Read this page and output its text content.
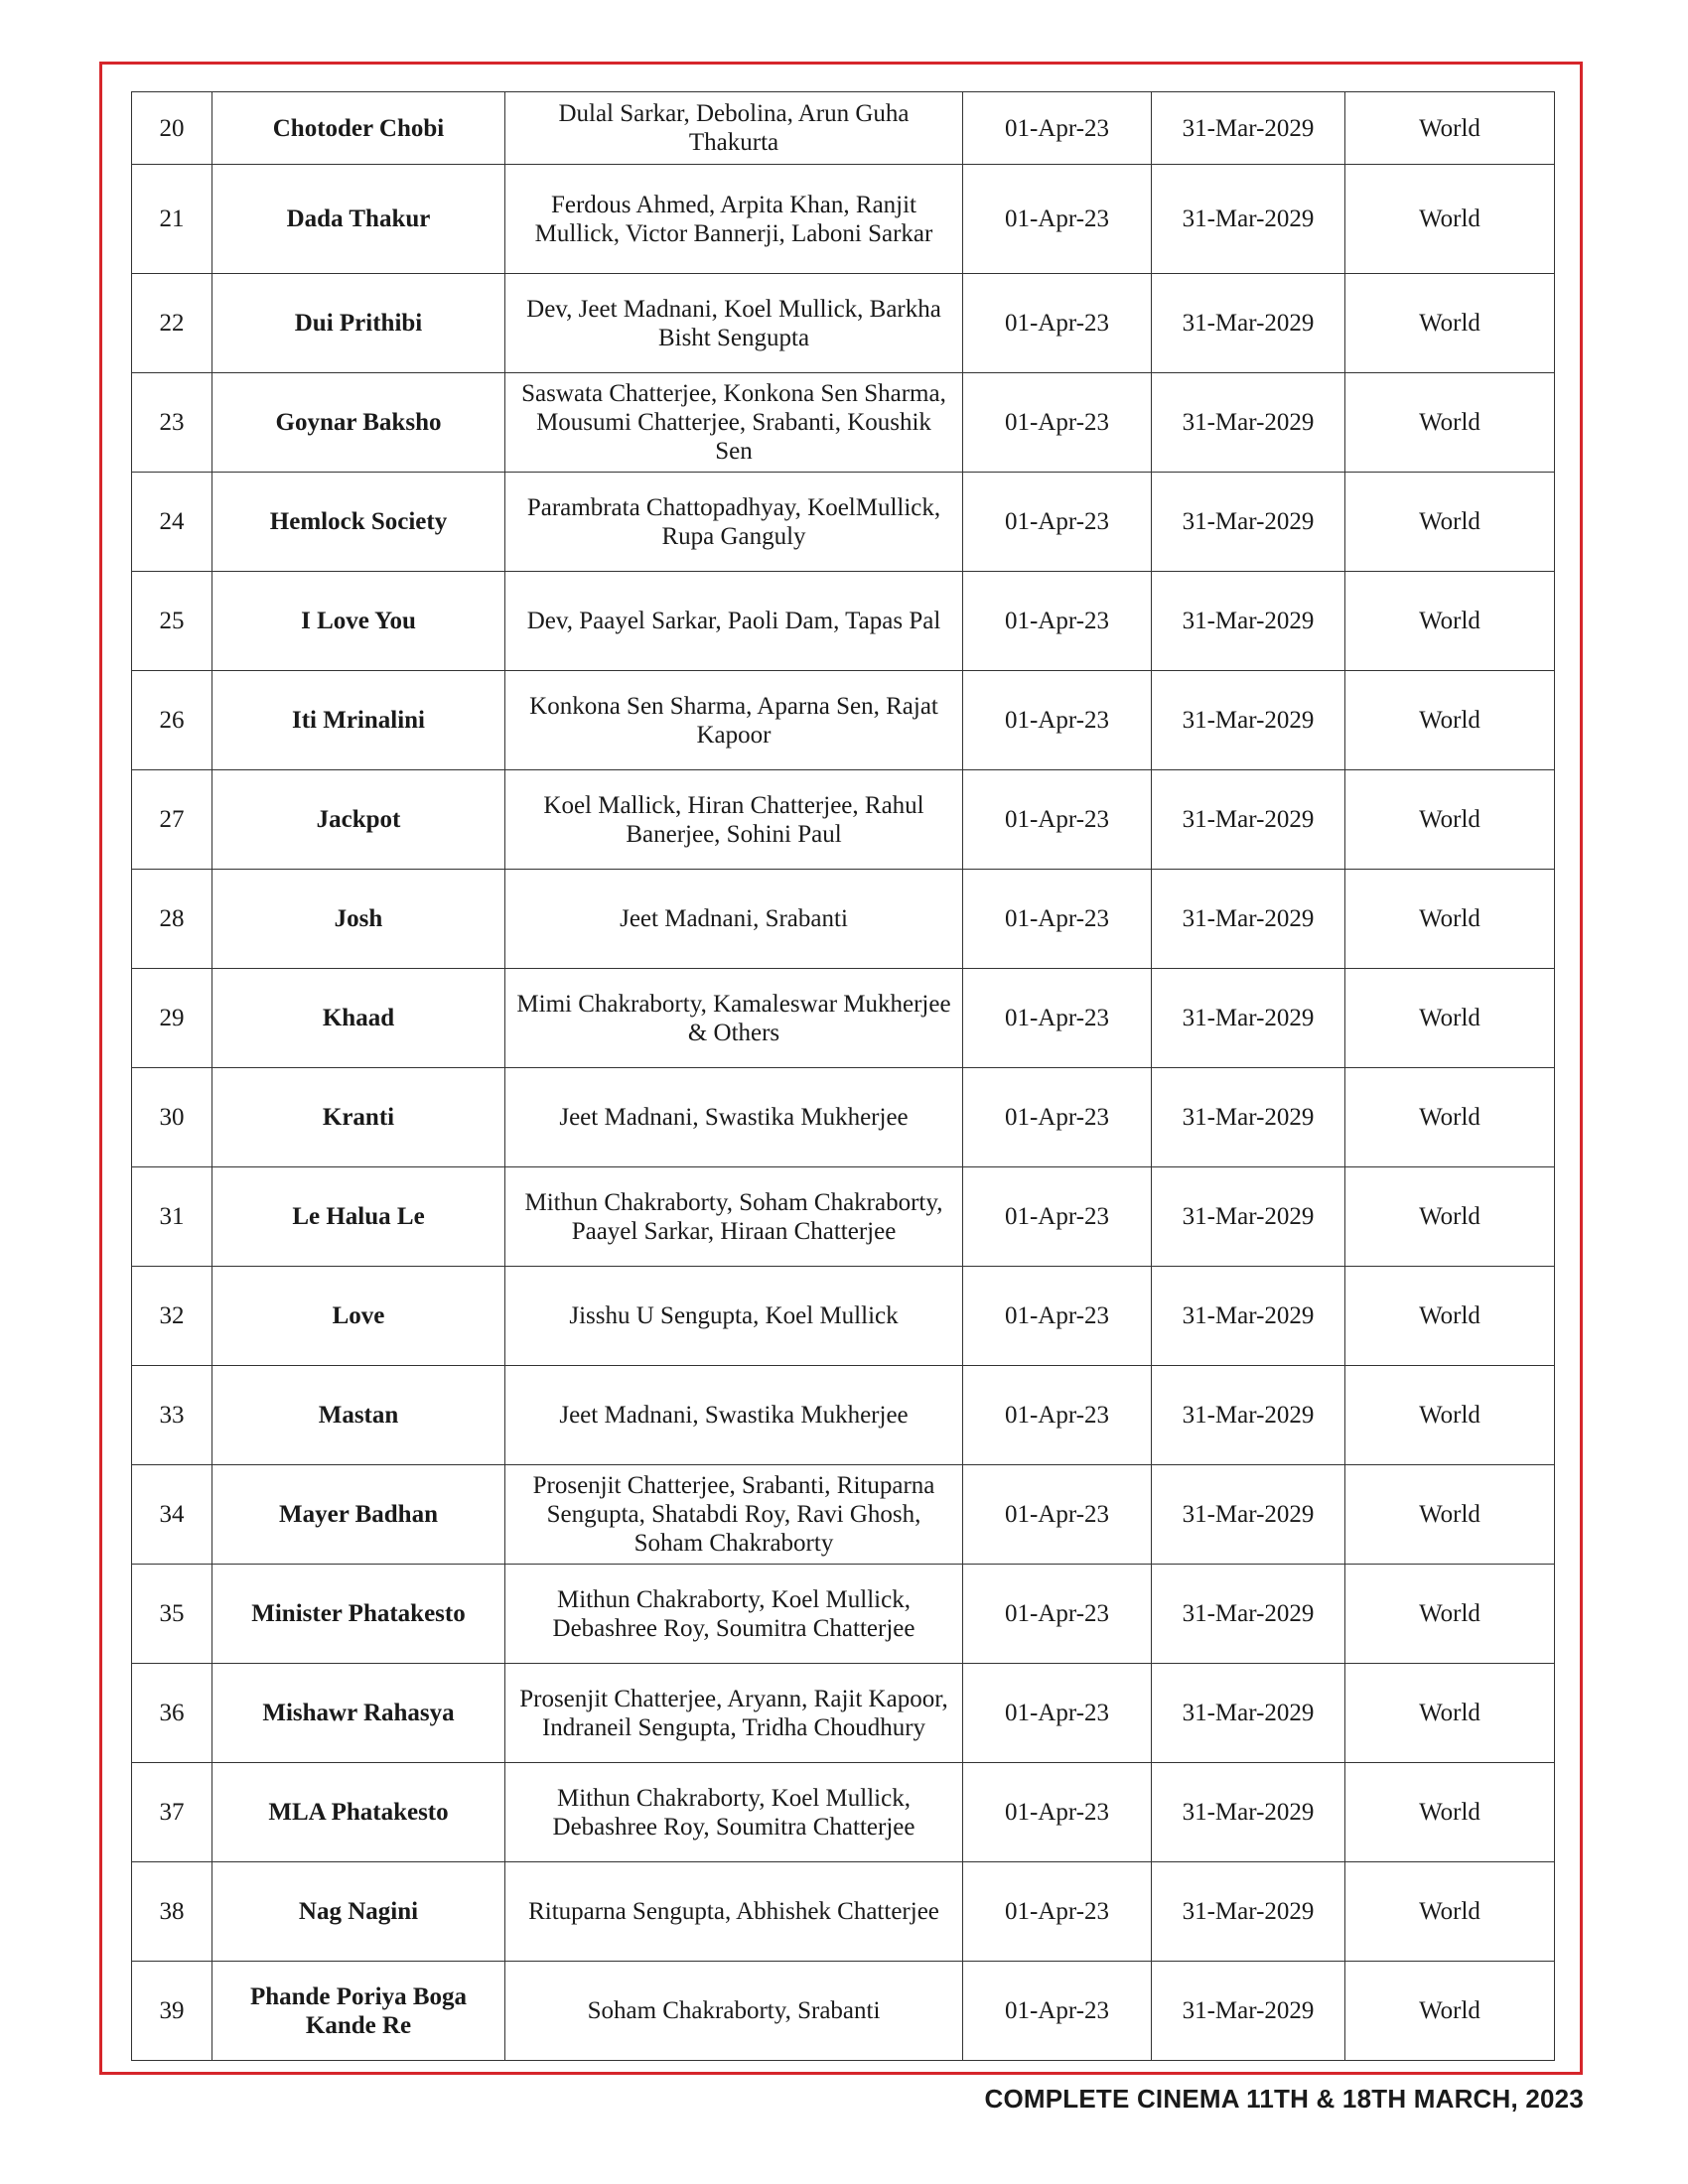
20	Chotoder Chobi	Dulal Sarkar, Debolina, Arun Guha Thakurta	01-Apr-23	31-Mar-2029	World
21	Dada Thakur	Ferdous Ahmed, Arpita Khan, Ranjit Mullick, Victor Bannerji, Laboni Sarkar	01-Apr-23	31-Mar-2029	World
22	Dui Prithibi	Dev, Jeet Madnani, Koel Mullick, Barkha Bisht Sengupta	01-Apr-23	31-Mar-2029	World
23	Goynar Baksho	Saswata Chatterjee, Konkona Sen Sharma, Mousumi Chatterjee, Srabanti, Koushik Sen	01-Apr-23	31-Mar-2029	World
24	Hemlock Society	Parambrata Chattopadhyay, KoelMullick, Rupa Ganguly	01-Apr-23	31-Mar-2029	World
25	I Love You	Dev, Paayel Sarkar, Paoli Dam, Tapas Pal	01-Apr-23	31-Mar-2029	World
26	Iti Mrinalini	Konkona Sen Sharma, Aparna Sen, Rajat Kapoor	01-Apr-23	31-Mar-2029	World
27	Jackpot	Koel Mallick, Hiran Chatterjee, Rahul Banerjee, Sohini Paul	01-Apr-23	31-Mar-2029	World
28	Josh	Jeet Madnani, Srabanti	01-Apr-23	31-Mar-2029	World
29	Khaad	Mimi Chakraborty, Kamaleswar Mukherjee & Others	01-Apr-23	31-Mar-2029	World
30	Kranti	Jeet Madnani, Swastika Mukherjee	01-Apr-23	31-Mar-2029	World
31	Le Halua Le	Mithun Chakraborty, Soham Chakraborty, Paayel Sarkar, Hiraan Chatterjee	01-Apr-23	31-Mar-2029	World
32	Love	Jisshu U Sengupta, Koel Mullick	01-Apr-23	31-Mar-2029	World
33	Mastan	Jeet Madnani, Swastika Mukherjee	01-Apr-23	31-Mar-2029	World
34	Mayer Badhan	Prosenjit Chatterjee, Srabanti, Rituparna Sengupta, Shatabdi Roy, Ravi Ghosh, Soham Chakraborty	01-Apr-23	31-Mar-2029	World
35	Minister Phatakesto	Mithun Chakraborty, Koel Mullick, Debashree Roy, Soumitra Chatterjee	01-Apr-23	31-Mar-2029	World
36	Mishawr Rahasya	Prosenjit Chatterjee, Aryann, Rajit Kapoor, Indraneil Sengupta, Tridha Choudhury	01-Apr-23	31-Mar-2029	World
37	MLA Phatakesto	Mithun Chakraborty, Koel Mullick, Debashree Roy, Soumitra Chatterjee	01-Apr-23	31-Mar-2029	World
38	Nag Nagini	Rituparna Sengupta, Abhishek Chatterjee	01-Apr-23	31-Mar-2029	World
39	Phande Poriya Boga Kande Re	Soham Chakraborty, Srabanti	01-Apr-23	31-Mar-2029	World
COMPLETE CINEMA 11TH & 18TH MARCH, 2023
